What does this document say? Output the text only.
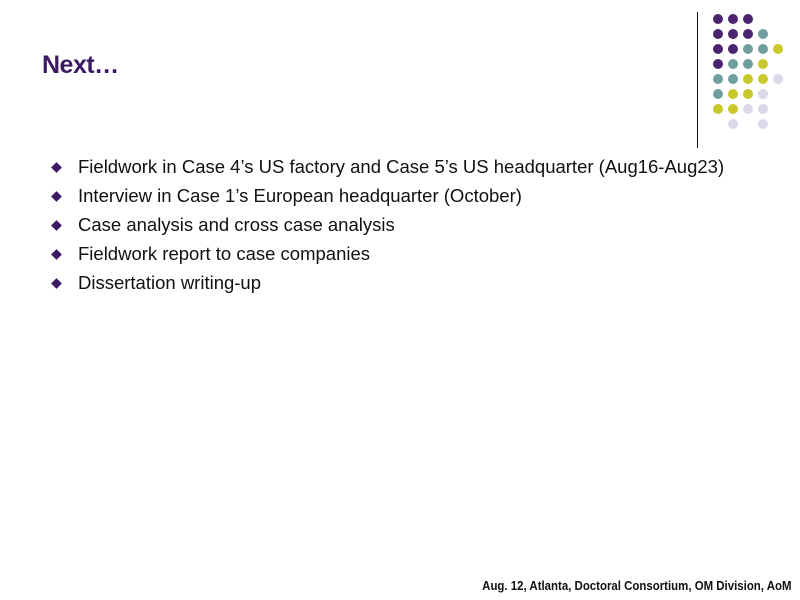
Next…
Fieldwork in Case 4’s US factory and Case 5’s US headquarter (Aug16-Aug23)
Interview in Case 1’s European headquarter (October)
Case analysis and cross case analysis
Fieldwork report to case companies
Dissertation writing-up
Aug. 12, Atlanta, Doctoral Consortium, OM Division, AoM
